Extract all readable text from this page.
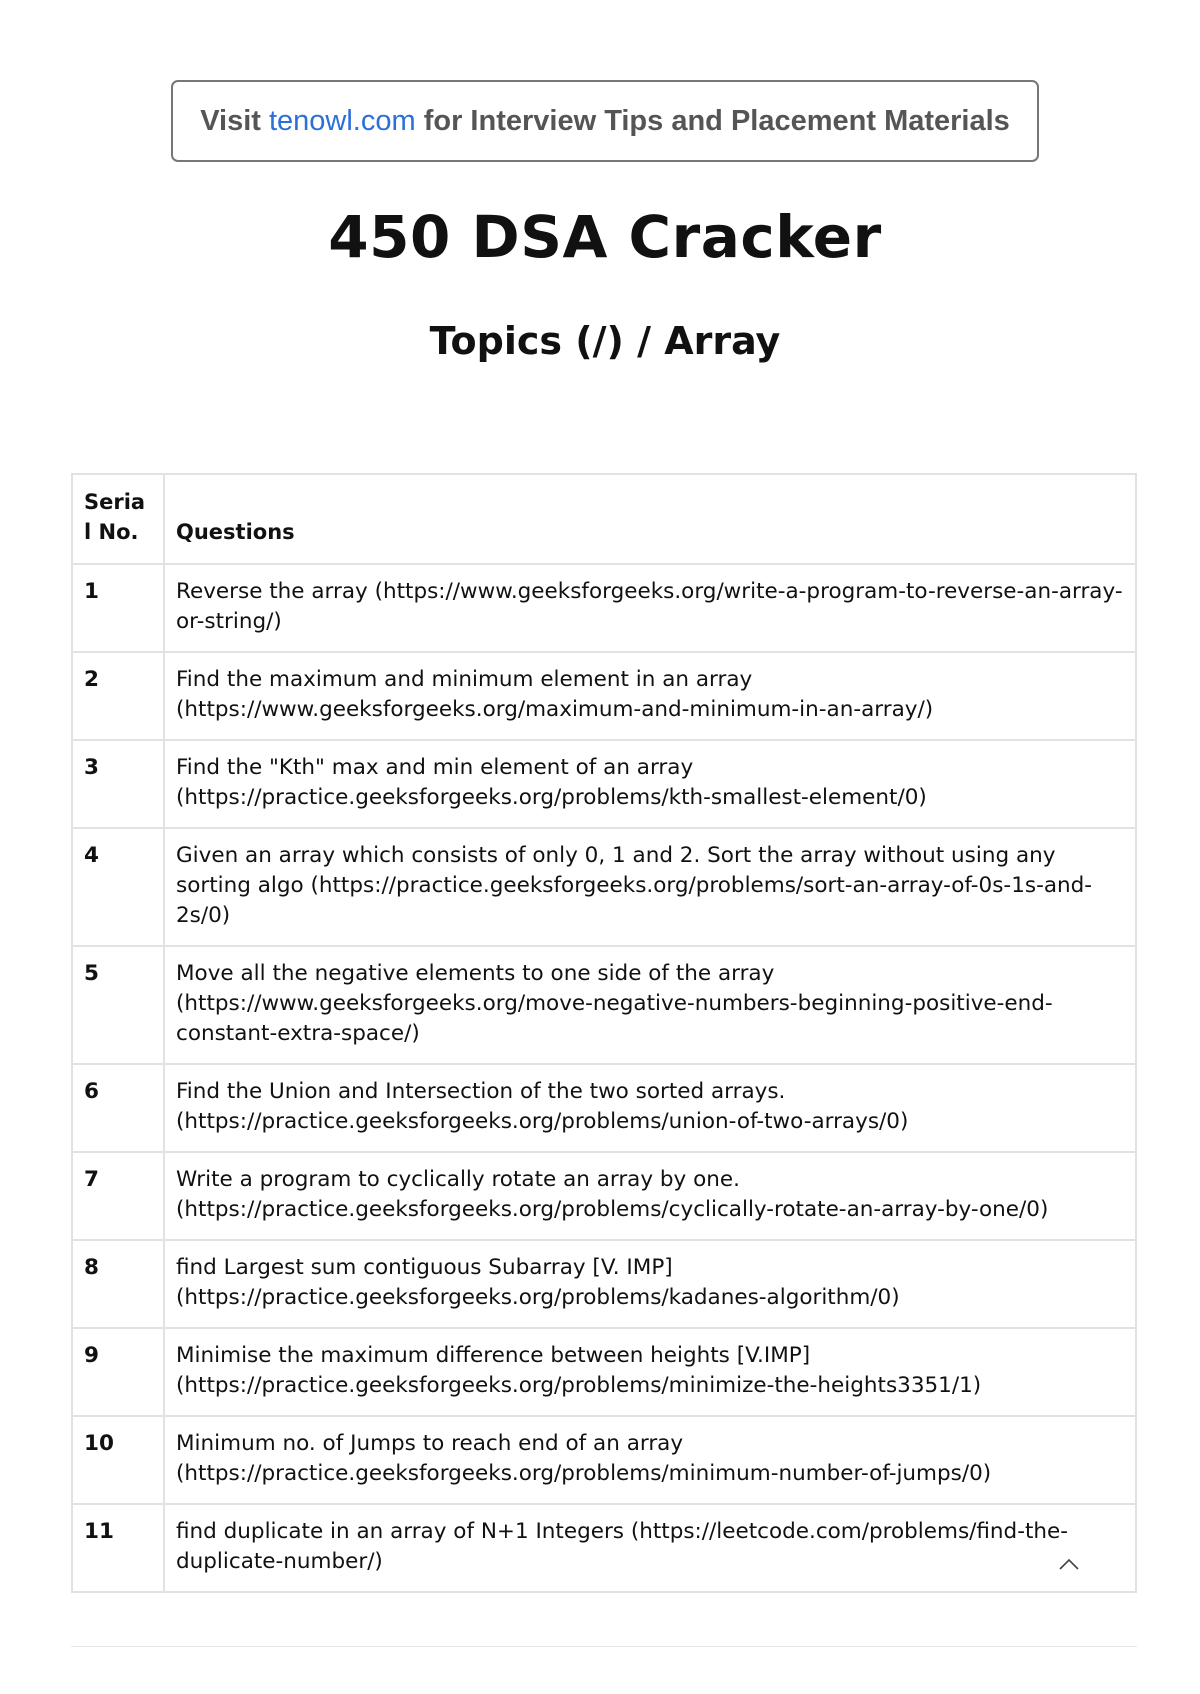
Visit
tenowl.com
for Interview Tips and Placement Materials
450 DSA Cracker
Topics (/) / Array
Serial No.	Questions
1	Reverse the array (https://www.geeksforgeeks.org/write-a-program-to-reverse-an-array-or-string/)
2	Find the maximum and minimum element in an array (https://www.geeksforgeeks.org/maximum-and-minimum-in-an-array/)
3	Find the "Kth" max and min element of an array (https://practice.geeksforgeeks.org/problems/kth-smallest-element/0)
4	Given an array which consists of only 0, 1 and 2. Sort the array without using any sorting algo (https://practice.geeksforgeeks.org/problems/sort-an-array-of-0s-1s-and-2s/0)
5	Move all the negative elements to one side of the array (https://www.geeksforgeeks.org/move-negative-numbers-beginning-positive-end-constant-extra-space/)
6	Find the Union and Intersection of the two sorted arrays. (https://practice.geeksforgeeks.org/problems/union-of-two-arrays/0)
7	Write a program to cyclically rotate an array by one. (https://practice.geeksforgeeks.org/problems/cyclically-rotate-an-array-by-one/0)
8	find Largest sum contiguous Subarray [V. IMP] (https://practice.geeksforgeeks.org/problems/kadanes-algorithm/0)
9	Minimise the maximum difference between heights [V.IMP] (https://practice.geeksforgeeks.org/problems/minimize-the-heights3351/1)
10	Minimum no. of Jumps to reach end of an array (https://practice.geeksforgeeks.org/problems/minimum-number-of-jumps/0)
11	find duplicate in an array of N+1 Integers (https://leetcode.com/problems/find-the-duplicate-number/)
